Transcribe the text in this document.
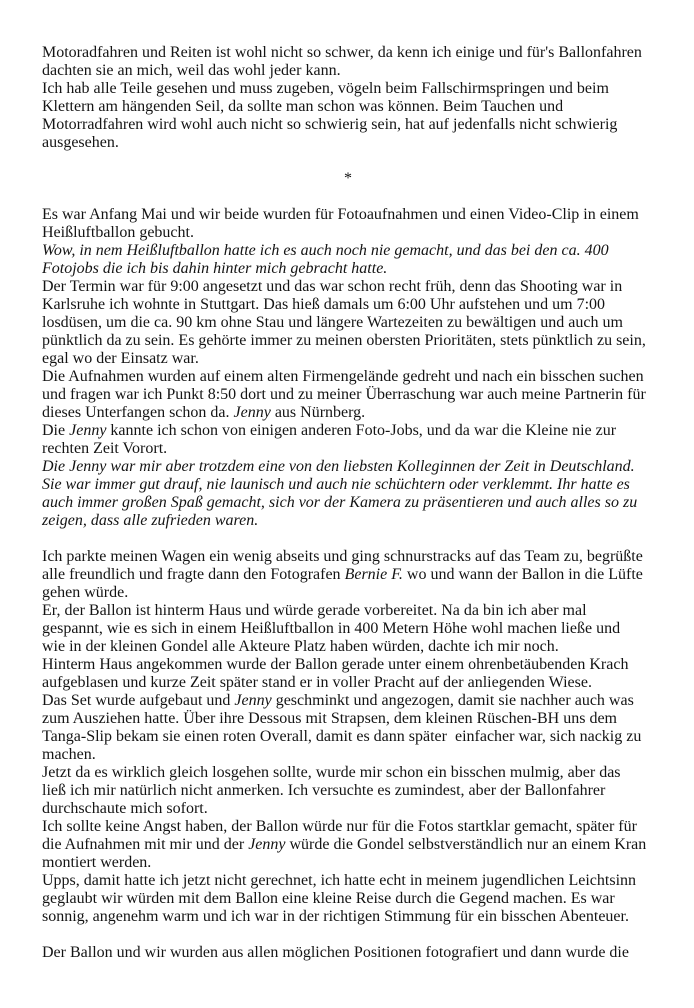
Motoradfahren und Reiten ist wohl nicht so schwer, da kenn ich einige und für's Ballonfahren
dachten sie an mich, weil das wohl jeder kann.
Ich hab alle Teile gesehen und muss zugeben, vögeln beim Fallschirmspringen und beim
Klettern am hängenden Seil, da sollte man schon was können. Beim Tauchen und
Motorradfahren wird wohl auch nicht so schwierig sein, hat auf jedenfalls nicht schwierig
ausgesehen.
*
Es war Anfang Mai und wir beide wurden für Fotoaufnahmen und einen Video-Clip in einem
Heißluftballon gebucht.
Wow, in nem Heißluftballon hatte ich es auch noch nie gemacht, und das bei den ca. 400
Fotojobs die ich bis dahin hinter mich gebracht hatte.
Der Termin war für 9:00 angesetzt und das war schon recht früh, denn das Shooting war in
Karlsruhe ich wohnte in Stuttgart. Das hieß damals um 6:00 Uhr aufstehen und um 7:00
losdüsen, um die ca. 90 km ohne Stau und längere Wartezeiten zu bewältigen und auch um
pünktlich da zu sein. Es gehörte immer zu meinen obersten Prioritäten, stets pünktlich zu sein,
egal wo der Einsatz war.
Die Aufnahmen wurden auf einem alten Firmengelände gedreht und nach ein bisschen suchen
und fragen war ich Punkt 8:50 dort und zu meiner Überraschung war auch meine Partnerin für
dieses Unterfangen schon da. Jenny aus Nürnberg.
Die Jenny kannte ich schon von einigen anderen Foto-Jobs, und da war die Kleine nie zur
rechten Zeit Vorort.
Die Jenny war mir aber trotzdem eine von den liebsten Kolleginnen der Zeit in Deutschland.
Sie war immer gut drauf, nie launisch und auch nie schüchtern oder verklemmt. Ihr hatte es
auch immer großen Spaß gemacht, sich vor der Kamera zu präsentieren und auch alles so zu
zeigen, dass alle zufrieden waren.
Ich parkte meinen Wagen ein wenig abseits und ging schnurstracks auf das Team zu, begrüßte
alle freundlich und fragte dann den Fotografen Bernie F. wo und wann der Ballon in die Lüfte
gehen würde.
Er, der Ballon ist hinterm Haus und würde gerade vorbereitet. Na da bin ich aber mal
gespannt, wie es sich in einem Heißluftballon in 400 Metern Höhe wohl machen ließe und
wie in der kleinen Gondel alle Akteure Platz haben würden, dachte ich mir noch.
Hinterm Haus angekommen wurde der Ballon gerade unter einem ohrenbetäubenden Krach
aufgeblasen und kurze Zeit später stand er in voller Pracht auf der anliegenden Wiese.
Das Set wurde aufgebaut und Jenny geschminkt und angezogen, damit sie nachher auch was
zum Ausziehen hatte. Über ihre Dessous mit Strapsen, dem kleinen Rüschen-BH uns dem
Tanga-Slip bekam sie einen roten Overall, damit es dann später  einfacher war, sich nackig zu
machen.
Jetzt da es wirklich gleich losgehen sollte, wurde mir schon ein bisschen mulmig, aber das
ließ ich mir natürlich nicht anmerken. Ich versuchte es zumindest, aber der Ballonfahrer
durchschaute mich sofort.
Ich sollte keine Angst haben, der Ballon würde nur für die Fotos startklar gemacht, später für
die Aufnahmen mit mir und der Jenny würde die Gondel selbstverständlich nur an einem Kran
montiert werden.
Upps, damit hatte ich jetzt nicht gerechnet, ich hatte echt in meinem jugendlichen Leichtsinn
geglaubt wir würden mit dem Ballon eine kleine Reise durch die Gegend machen. Es war
sonnig, angenehm warm und ich war in der richtigen Stimmung für ein bisschen Abenteuer.
Der Ballon und wir wurden aus allen möglichen Positionen fotografiert und dann wurde die
